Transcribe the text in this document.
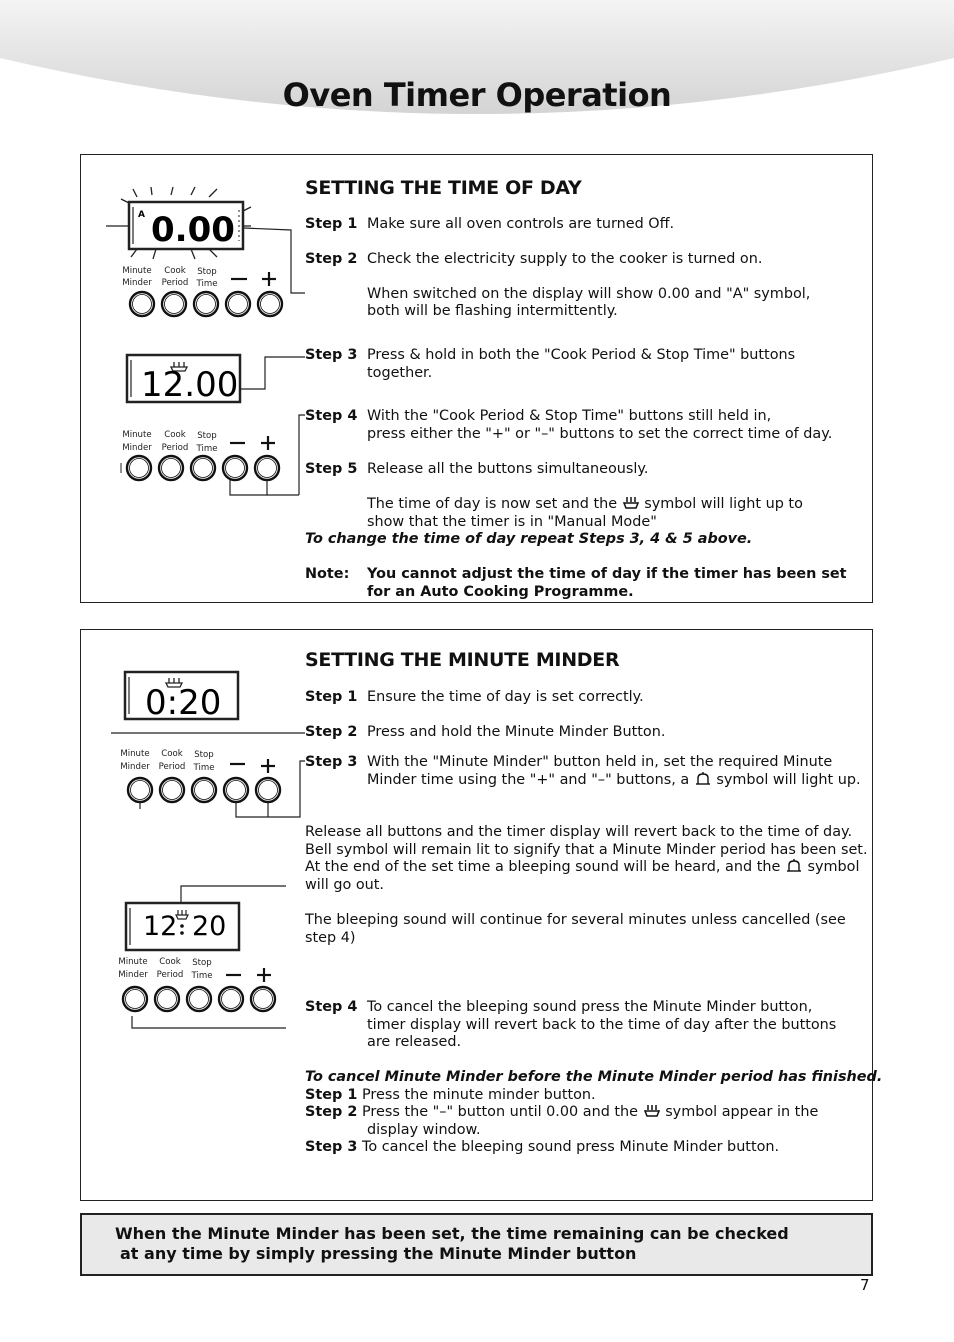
Oven Timer Operation
A 0.00
Minute
Minder
Cook
Period
Stop
Time
12.00
Minute
Minder
Cook
Period
Stop
Time
SETTING THE TIME OF DAY
Step 1 Make sure all oven controls are turned Off.
Step 2 Check the electricity supply to the cooker is turned on.
When switched on the display will show 0.00 and "A" symbol,
both will be flashing intermittently.
Step 3 Press & hold in both the "Cook Period & Stop Time" buttons
together.
Step 4 With the "Cook Period & Stop Time" buttons still held in,
press either the "+" or "–" buttons to set the correct time of day.
Step 5 Release all the buttons simultaneously.
The time of day is now set and the symbol will light up to
show that the timer is in "Manual Mode"
To change the time of day repeat Steps 3, 4 & 5 above.
Note: You cannot adjust the time of day if the timer has been set
for an Auto Cooking Programme.
0:20
Minute
Minder
Cook
Period
Stop
Time
12 20
Minute
Minder
Cook
Period
Stop
Time
SETTING THE MINUTE MINDER
Step 1 Ensure the time of day is set correctly.
Step 2 Press and hold the Minute Minder Button.
Step 3 With the "Minute Minder" button held in, set the required Minute
Minder time using the "+" and "–" buttons, a symbol will light up.
Release all buttons and the timer display will revert back to the time of day.
Bell symbol will remain lit to signify that a Minute Minder period has been set.
At the end of the set time a bleeping sound will be heard, and the symbol
will go out.
The bleeping sound will continue for several minutes unless cancelled (see
step 4)
Step 4 To cancel the bleeping sound press the Minute Minder button,
timer display will revert back to the time of day after the buttons
are released.
To cancel Minute Minder before the Minute Minder period has finished.
Step 1 Press the minute minder button.
Step 2 Press the "–" button until 0.00 and the symbol appear in the
display window.
Step 3 To cancel the bleeping sound press Minute Minder button.
When the Minute Minder has been set, the time remaining can be checked
at any time by simply pressing the Minute Minder button
7
